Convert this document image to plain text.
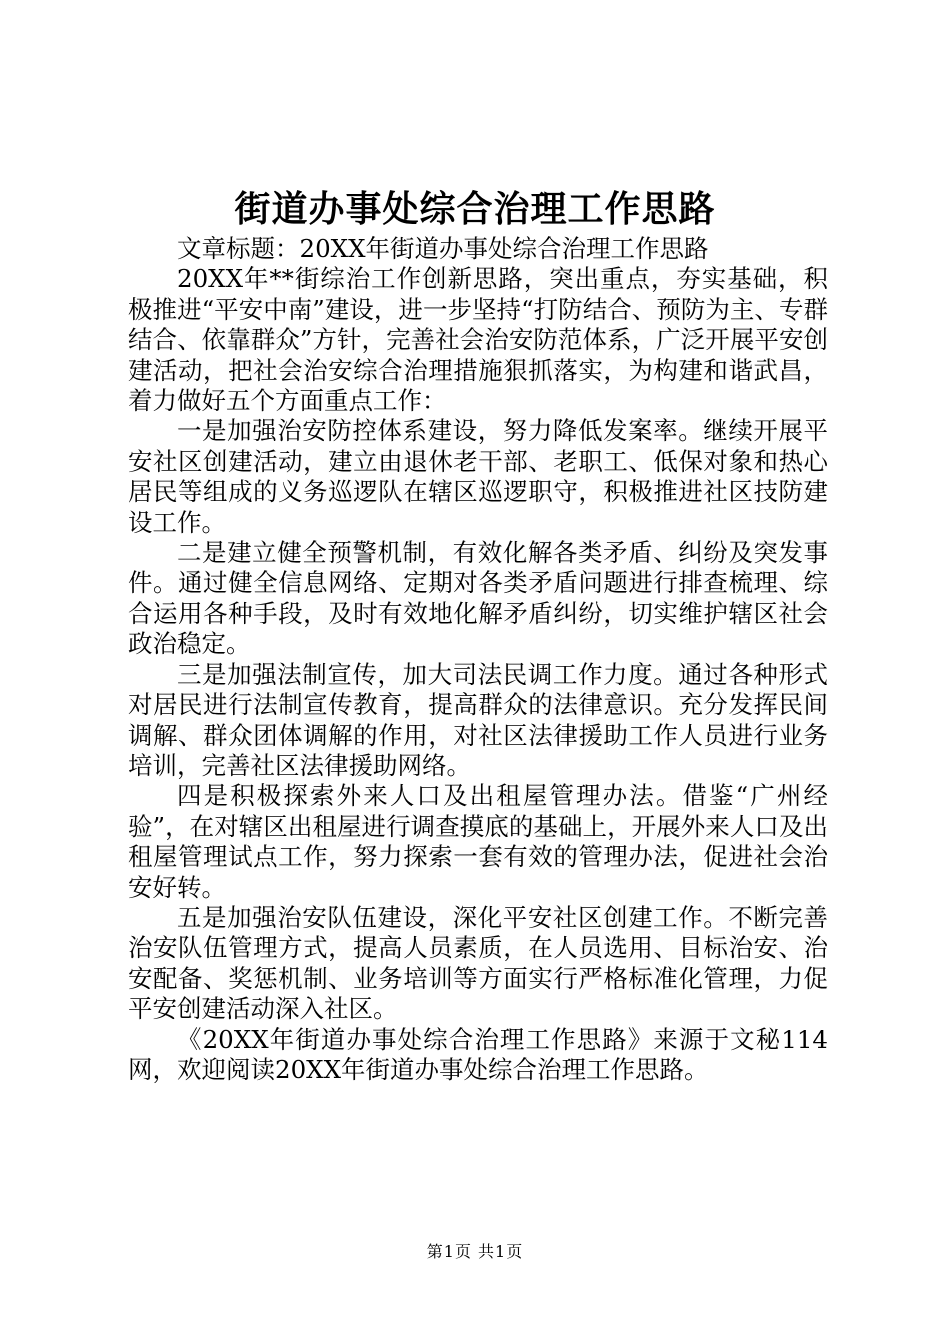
街道办事处综合治理工作思路

文章标题：20XX年街道办事处综合治理工作思路

20XX年**街综治工作创新思路，突出重点，夯实基础，积极推进“平安中南”建设，进一步坚持“打防结合、预防为主、专群结合、依靠群众”方针，完善社会治安防范体系，广泛开展平安创建活动，把社会治安综合治理措施狠抓落实，为构建和谐武昌，着力做好五个方面重点工作：

一是加强治安防控体系建设，努力降低发案率。继续开展平安社区创建活动，建立由退休老干部、老职工、低保对象和热心居民等组成的义务巡逻队在辖区巡逻职守，积极推进社区技防建设工作。

二是建立健全预警机制，有效化解各类矛盾、纠纷及突发事件。通过健全信息网络、定期对各类矛盾问题进行排查梳理、综合运用各种手段，及时有效地化解矛盾纠纷，切实维护辖区社会政治稳定。

三是加强法制宣传，加大司法民调工作力度。通过各种形式对居民进行法制宣传教育，提高群众的法律意识。充分发挥民间调解、群众团体调解的作用，对社区法律援助工作人员进行业务培训，完善社区法律援助网络。

四是积极探索外来人口及出租屋管理办法。借鉴“广州经验”，在对辖区出租屋进行调查摸底的基础上，开展外来人口及出租屋管理试点工作，努力探索一套有效的管理办法，促进社会治安好转。

五是加强治安队伍建设，深化平安社区创建工作。不断完善治安队伍管理方式，提高人员素质，在人员选用、目标治安、治安配备、奖惩机制、业务培训等方面实行严格标准化管理，力促平安创建活动深入社区。

《20XX年街道办事处综合治理工作思路》来源于文秘114网，欢迎阅读20XX年街道办事处综合治理工作思路。

第1页 共1页
